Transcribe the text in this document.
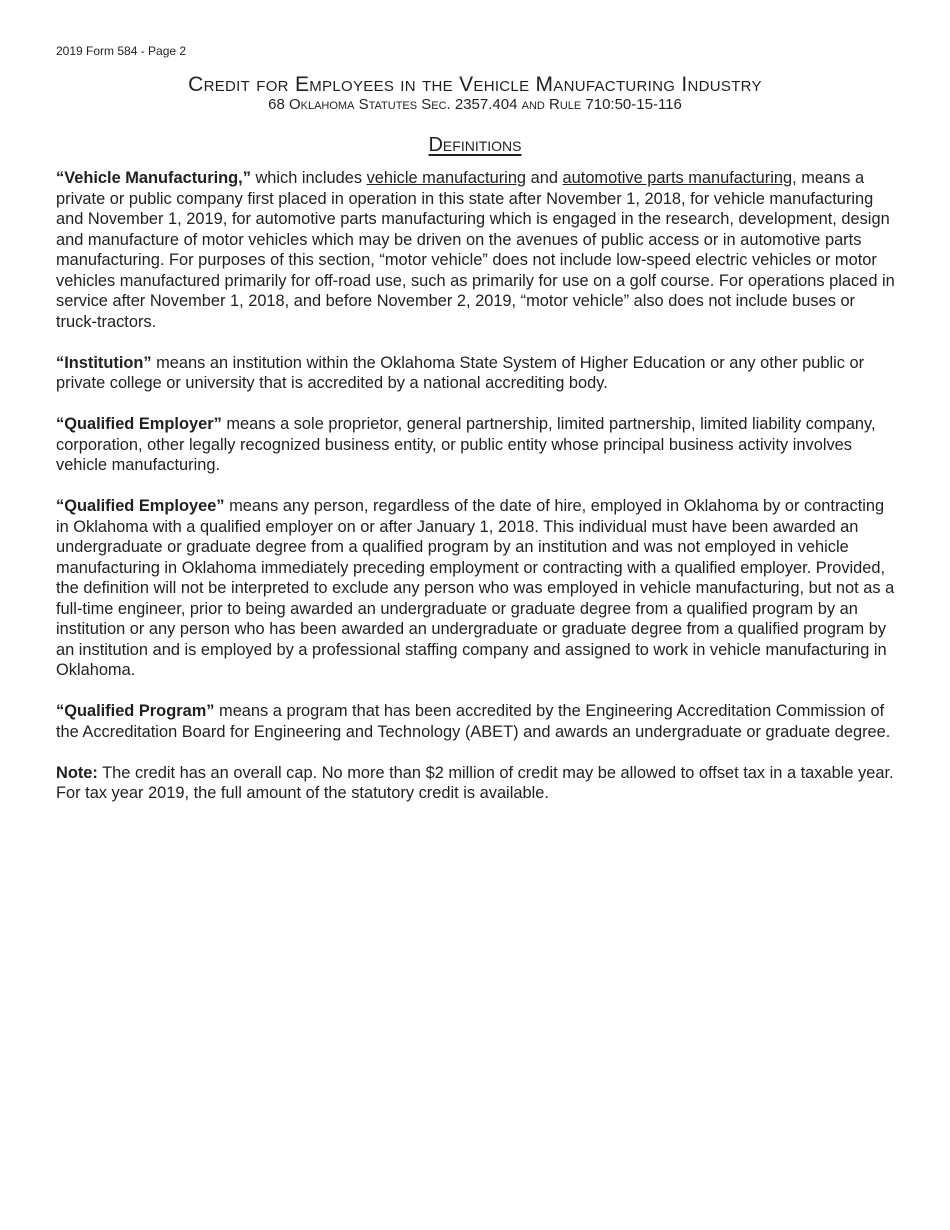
2019 Form 584 - Page 2
Credit for Employees in the Vehicle Manufacturing Industry
68 Oklahoma Statutes Sec. 2357.404 and Rule 710:50-15-116
Definitions

“Vehicle Manufacturing,” which includes vehicle manufacturing and automotive parts manufacturing, means a private or public company first placed in operation in this state after November 1, 2018, for vehicle manufacturing and November 1, 2019, for automotive parts manufacturing which is engaged in the research, development, design and manufacture of motor vehicles which may be driven on the avenues of public access or in automotive parts manufacturing. For purposes of this section, “motor vehicle” does not include low-speed electric vehicles or motor vehicles manufactured primarily for off-road use, such as primarily for use on a golf course. For operations placed in service after November 1, 2018, and before November 2, 2019, “motor vehicle” also does not include buses or truck-tractors.

“Institution” means an institution within the Oklahoma State System of Higher Education or any other public or private college or university that is accredited by a national accrediting body.

“Qualified Employer” means a sole proprietor, general partnership, limited partnership, limited liability company, corporation, other legally recognized business entity, or public entity whose principal business activity involves vehicle manufacturing.

“Qualified Employee” means any person, regardless of the date of hire, employed in Oklahoma by or contracting in Oklahoma with a qualified employer on or after January 1, 2018. This individual must have been awarded an undergraduate or graduate degree from a qualified program by an institution and was not employed in vehicle manufacturing in Oklahoma immediately preceding employment or contracting with a qualified employer. Provided, the definition will not be interpreted to exclude any person who was employed in vehicle manufacturing, but not as a full-time engineer, prior to being awarded an undergraduate or graduate degree from a qualified program by an institution or any person who has been awarded an undergraduate or graduate degree from a qualified program by an institution and is employed by a professional staffing company and assigned to work in vehicle manufacturing in Oklahoma.

“Qualified Program” means a program that has been accredited by the Engineering Accreditation Commission of the Accreditation Board for Engineering and Technology (ABET) and awards an undergraduate or graduate degree.

Note: The credit has an overall cap. No more than $2 million of credit may be allowed to offset tax in a taxable year. For tax year 2019, the full amount of the statutory credit is available.
